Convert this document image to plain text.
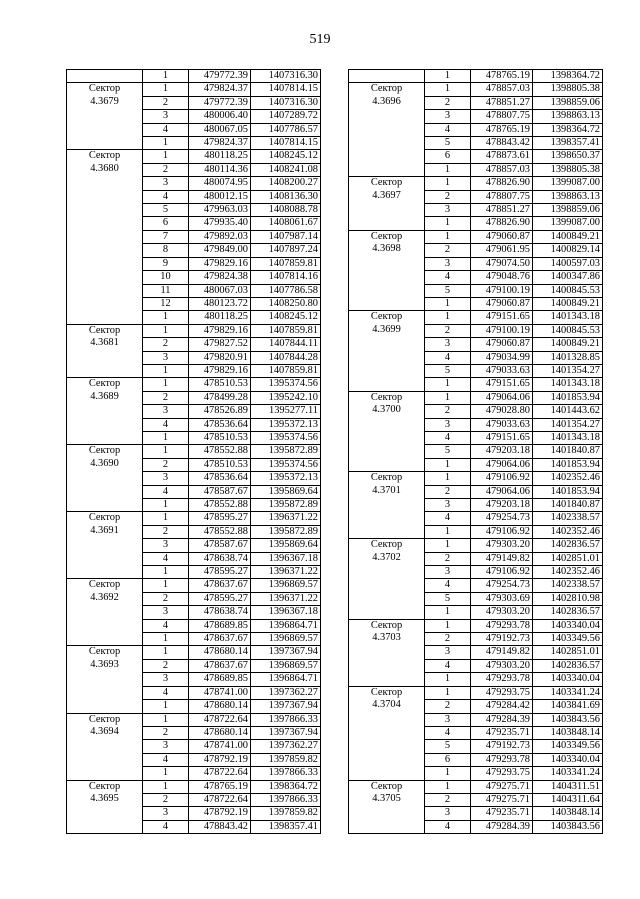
519
	1	479772.39	1407316.30

Сектор
4.3679	1	479824.37	1407814.15
	2	479772.39	1407316.30
	3	480006.40	1407289.72
	4	480067.05	1407786.57
	1	479824.37	1407814.15

Сектор
4.3680	1	480118.25	1408245.12
	2	480114.36	1408241.08
	3	480074.95	1408200.27
	4	480012.15	1408136.30
	5	479963.03	1408088.78
	6	479935.40	1408061.67
	7	479892.03	1407987.14
	8	479849.00	1407897.24
	9	479829.16	1407859.81
	10	479824.38	1407814.16
	11	480067.03	1407786.58
	12	480123.72	1408250.80
	1	480118.25	1408245.12

Сектор
4.3681	1	479829.16	1407859.81
	2	479827.52	1407844.11
	3	479820.91	1407844.28
	1	479829.16	1407859.81

Сектор
4.3689	1	478510.53	1395374.56
	2	478499.28	1395242.10
	3	478526.89	1395277.11
	4	478536.64	1395372.13
	1	478510.53	1395374.56

Сектор
4.3690	1	478552.88	1395872.89
	2	478510.53	1395374.56
	3	478536.64	1395372.13
	4	478587.67	1395869.64
	1	478552.88	1395872.89

Сектор
4.3691	1	478595.27	1396371.22
	2	478552.88	1395872.89
	3	478587.67	1395869.64
	4	478638.74	1396367.18
	1	478595.27	1396371.22

Сектор
4.3692	1	478637.67	1396869.57
	2	478595.27	1396371.22
	3	478638.74	1396367.18
	4	478689.85	1396864.71
	1	478637.67	1396869.57

Сектор
4.3693	1	478680.14	1397367.94
	2	478637.67	1396869.57
	3	478689.85	1396864.71
	4	478741.00	1397362.27
	1	478680.14	1397367.94

Сектор
4.3694	1	478722.64	1397866.33
	2	478680.14	1397367.94
	3	478741.00	1397362.27
	4	478792.19	1397859.82
	1	478722.64	1397866.33

Сектор
4.3695	1	478765.19	1398364.72
	2	478722.64	1397866.33
	3	478792.19	1397859.82
	4	478843.42	1398357.41
	1	478765.19	1398364.72

Сектор
4.3696	1	478857.03	1398805.38
	2	478851.27	1398859.06
	3	478807.75	1398863.13
	4	478765.19	1398364.72
	5	478843.42	1398357.41
	6	478873.61	1398650.37
	1	478857.03	1398805.38

Сектор
4.3697	1	478826.90	1399087.00
	2	478807.75	1398863.13
	3	478851.27	1398859.06
	1	478826.90	1399087.00

Сектор
4.3698	1	479060.87	1400849.21
	2	479061.95	1400829.14
	3	479074.50	1400597.03
	4	479048.76	1400347.86
	5	479100.19	1400845.53
	1	479060.87	1400849.21

Сектор
4.3699	1	479151.65	1401343.18
	2	479100.19	1400845.53
	3	479060.87	1400849.21
	4	479034.99	1401328.85
	5	479033.63	1401354.27
	1	479151.65	1401343.18

Сектор
4.3700	1	479064.06	1401853.94
	2	479028.80	1401443.62
	3	479033.63	1401354.27
	4	479151.65	1401343.18
	5	479203.18	1401840.87
	1	479064.06	1401853.94

Сектор
4.3701	1	479106.92	1402352.46
	2	479064.06	1401853.94
	3	479203.18	1401840.87
	4	479254.73	1402338.57
	1	479106.92	1402352.46

Сектор
4.3702	1	479303.20	1402836.57
	2	479149.82	1402851.01
	3	479106.92	1402352.46
	4	479254.73	1402338.57
	5	479303.69	1402810.98
	1	479303.20	1402836.57

Сектор
4.3703	1	479293.78	1403340.04
	2	479192.73	1403349.56
	3	479149.82	1402851.01
	4	479303.20	1402836.57
	1	479293.78	1403340.04

Сектор
4.3704	1	479293.75	1403341.24
	2	479284.42	1403841.69
	3	479284.39	1403843.56
	4	479235.71	1403848.14
	5	479192.73	1403349.56
	6	479293.78	1403340.04
	1	479293.75	1403341.24

Сектор
4.3705	1	479275.71	1404311.51
	2	479275.71	1404311.64
	3	479235.71	1403848.14
	4	479284.39	1403843.56
